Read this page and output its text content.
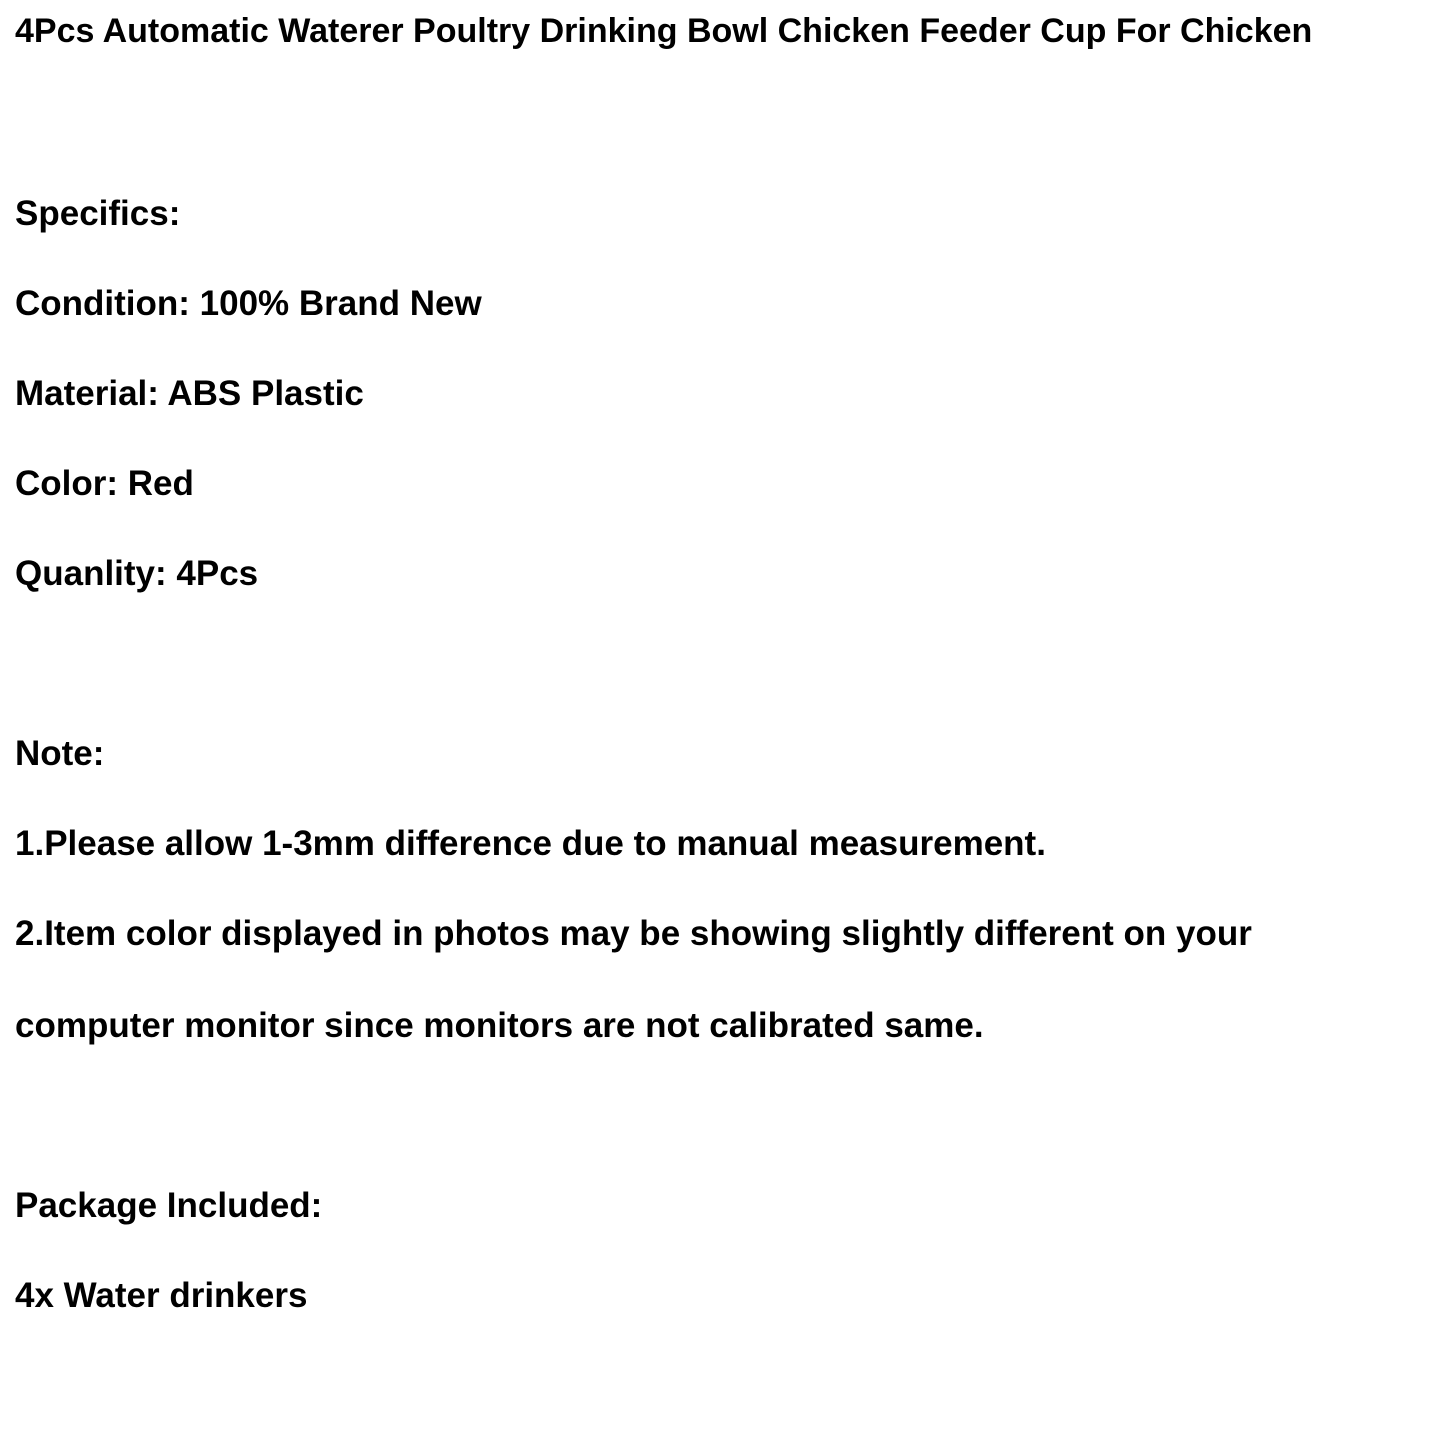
4Pcs Automatic Waterer Poultry Drinking Bowl Chicken Feeder Cup For Chicken

Specifics:

Condition: 100% Brand New

Material: ABS Plastic

Color: Red

Quanlity: 4Pcs

Note:

1.Please allow 1-3mm difference due to manual measurement.

2.Item color displayed in photos may be showing slightly different on your

computer monitor since monitors are not calibrated same.

Package Included:

4x Water drinkers
